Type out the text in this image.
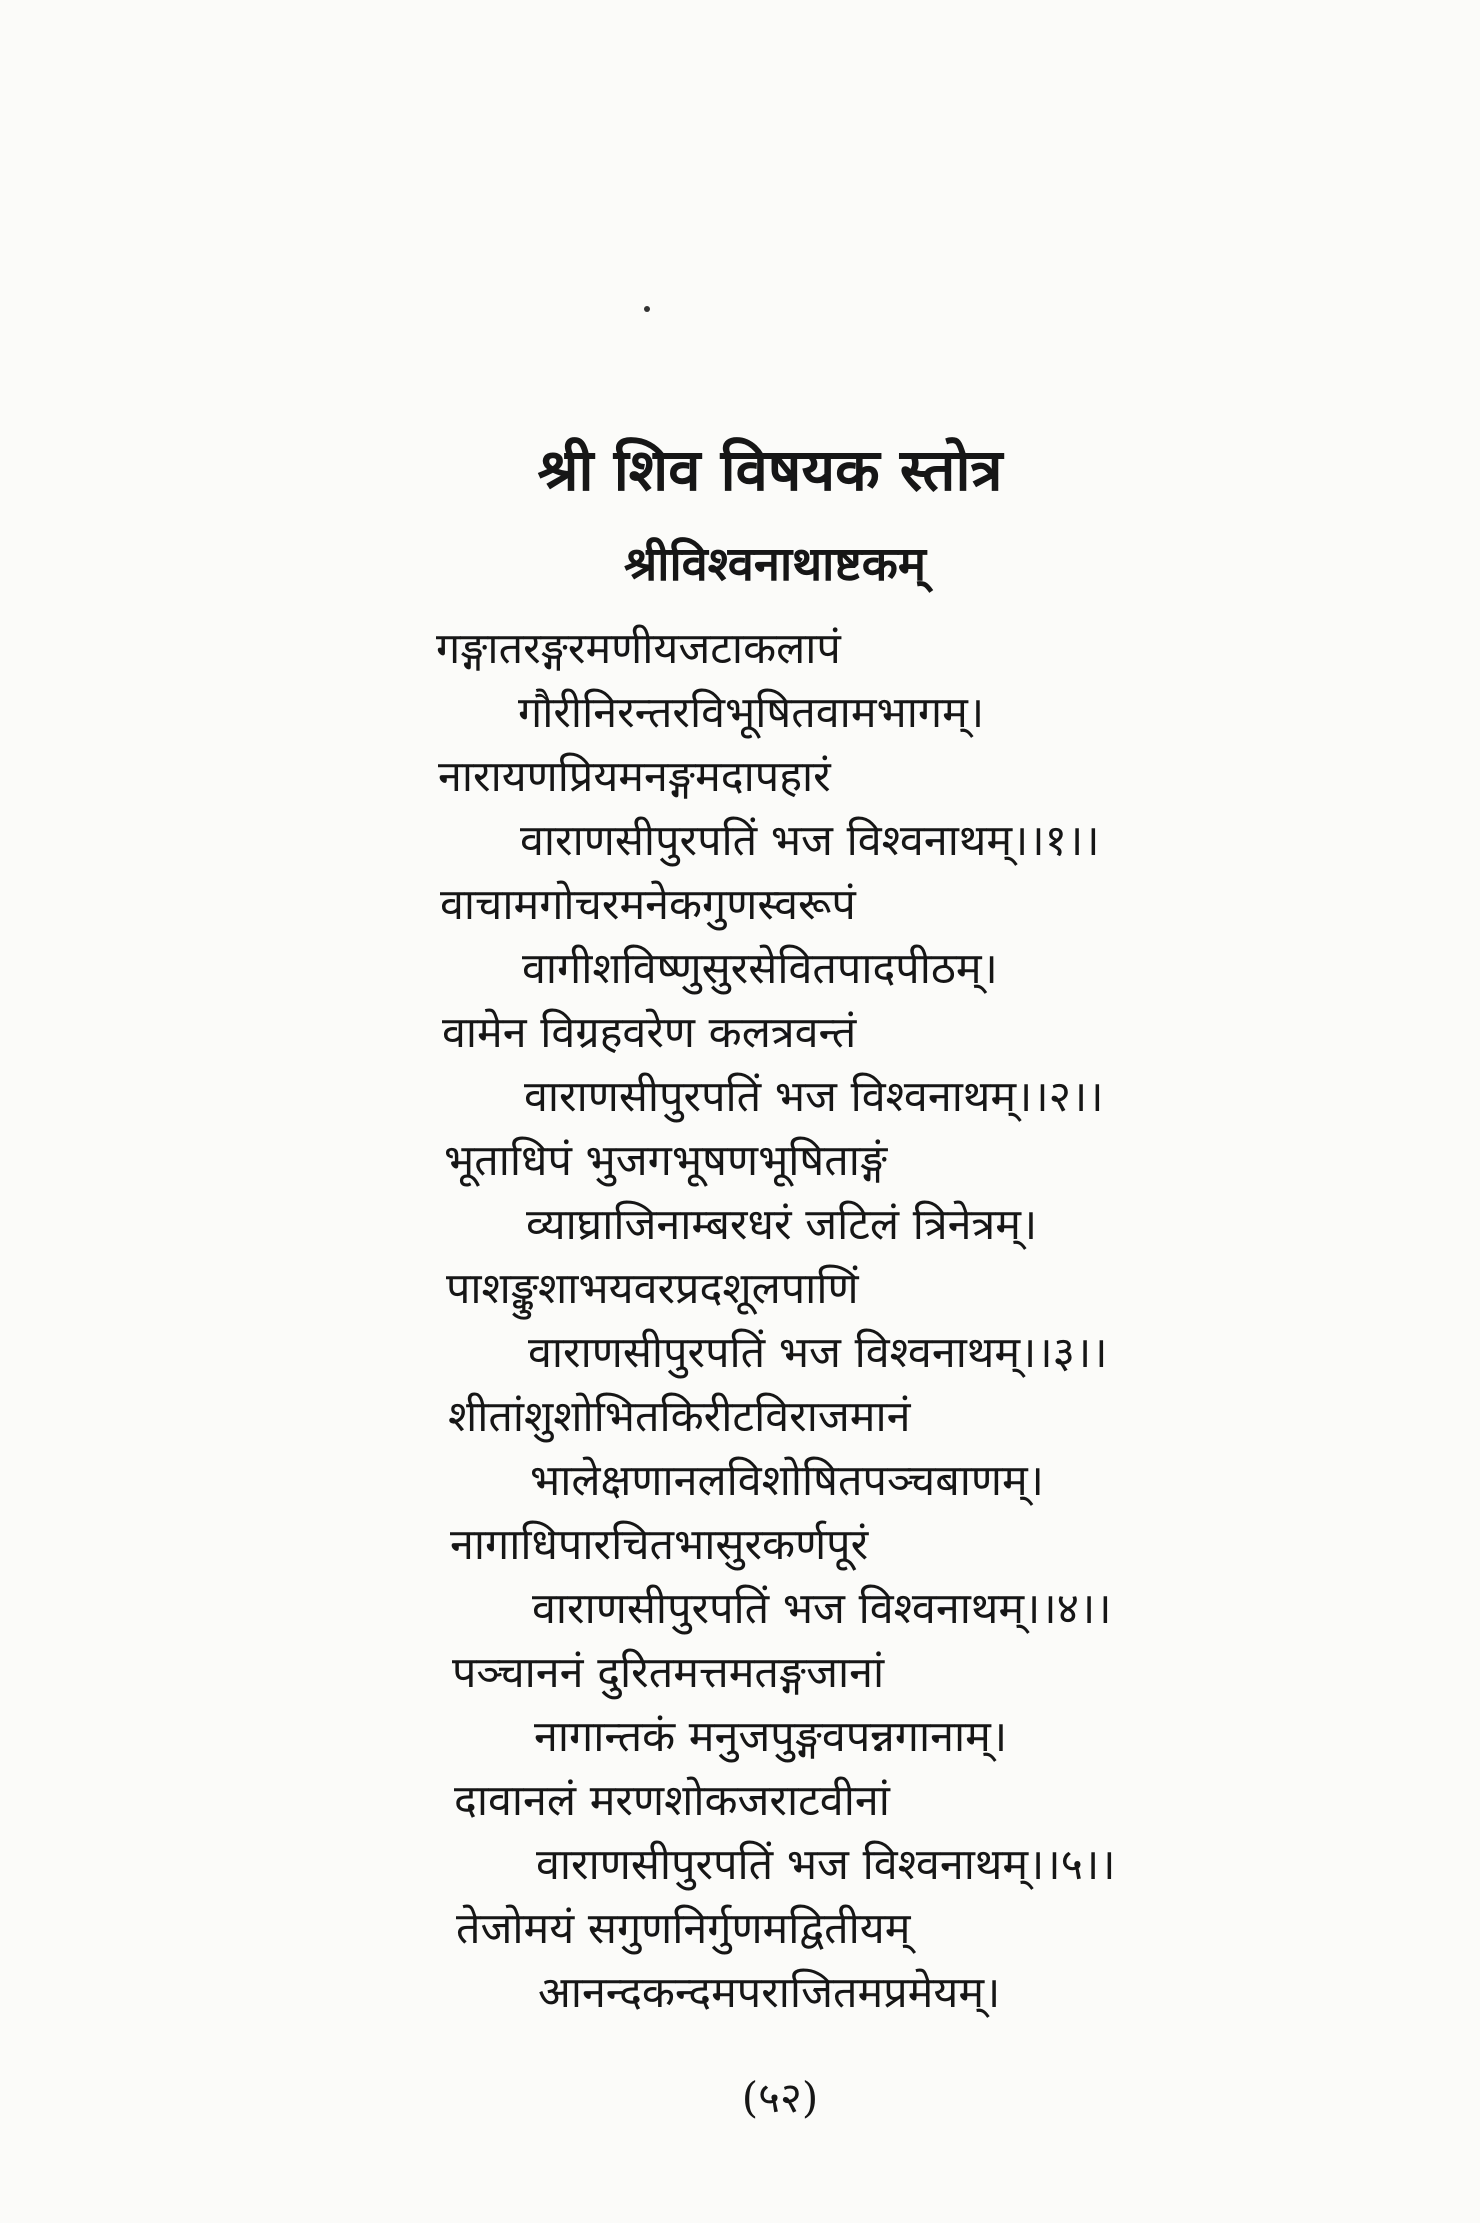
श्री शिव विषयक स्तोत्र
श्रीविश्वनाथाष्टकम्
गङ्गातरङ्गरमणीयजटाकलापं
गौरीनिरन्तरविभूषितवामभागम्।
नारायणप्रियमनङ्गमदापहारं
वाराणसीपुरपतिं भज विश्वनाथम्।।१।।
वाचामगोचरमनेकगुणस्वरूपं
वागीशविष्णुसुरसेवितपादपीठम्।
वामेन विग्रहवरेण कलत्रवन्तं
वाराणसीपुरपतिं भज विश्वनाथम्।।२।।
भूताधिपं भुजगभूषणभूषिताङ्गं
व्याघ्राजिनाम्बरधरं जटिलं त्रिनेत्रम्।
पाशङ्कुशाभयवरप्रदशूलपाणिं
वाराणसीपुरपतिं भज विश्वनाथम्।।३।।
शीतांशुशोभितकिरीटविराजमानं
भालेक्षणानलविशोषितपञ्चबाणम्।
नागाधिपारचितभासुरकर्णपूरं
वाराणसीपुरपतिं भज विश्वनाथम्।।४।।
पञ्चाननं दुरितमत्तमतङ्गजानां
नागान्तकं मनुजपुङ्गवपन्नगानाम्।
दावानलं मरणशोकजराटवीनां
वाराणसीपुरपतिं भज विश्वनाथम्।।५।।
तेजोमयं सगुणनिर्गुणमद्वितीयम्
आनन्दकन्दमपराजितमप्रमेयम्।
(५२)
